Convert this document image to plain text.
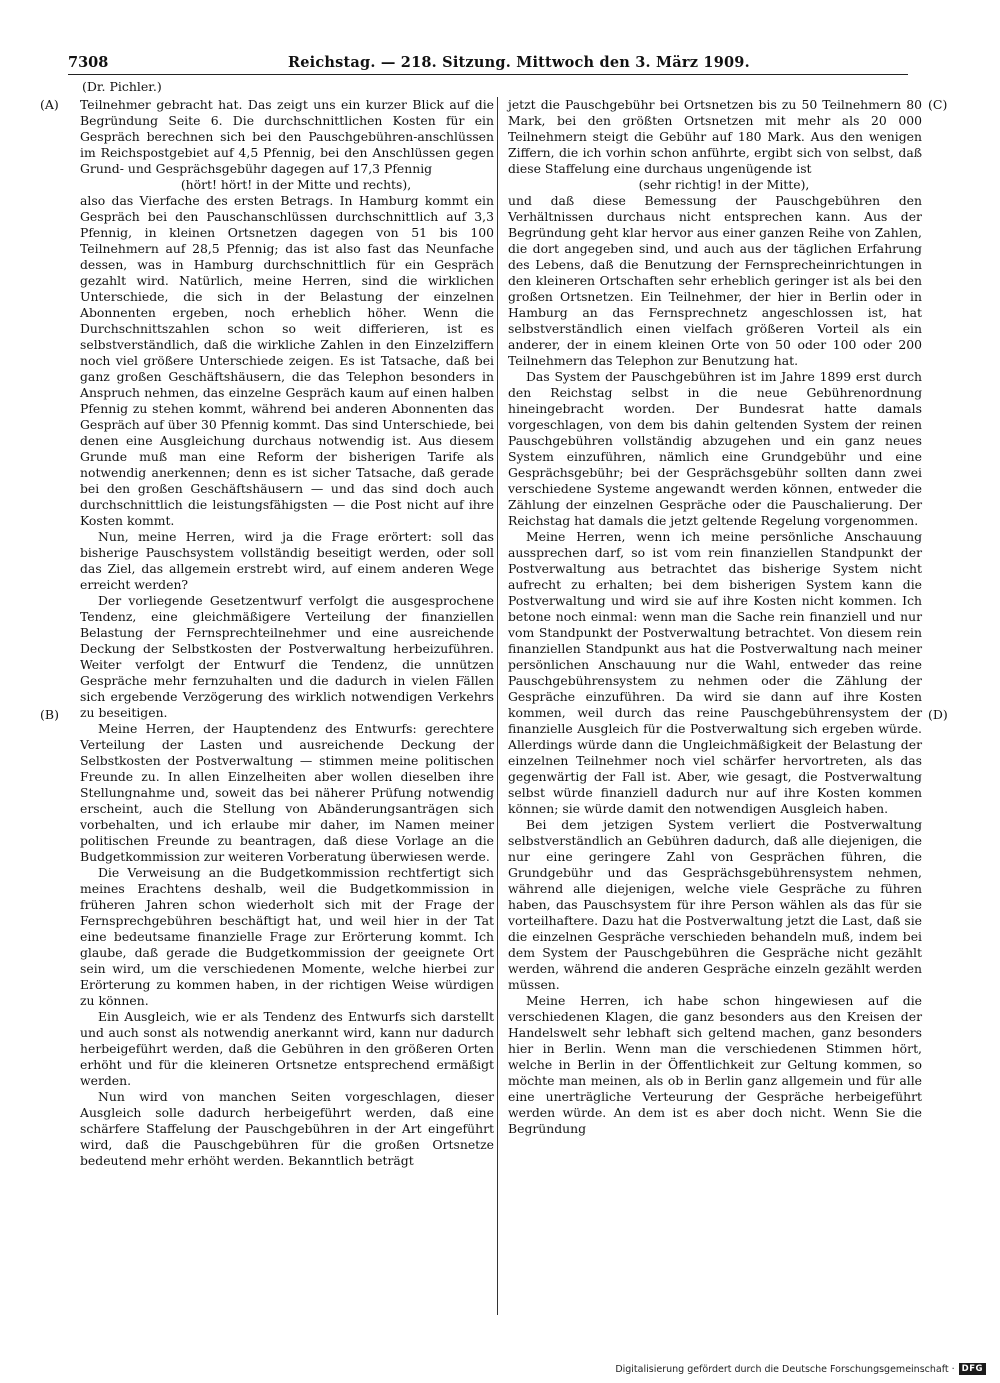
7308	Reichstag. — 218. Sitzung. Mittwoch den 3. März 1909.
(Dr. Pichler.)
(A)
(B)
(C)
(D)

Teilnehmer gebracht hat. Das zeigt uns ein kurzer Blick auf die Begründung Seite 6. Die durchschnittlichen Kosten für ein Gespräch berechnen sich bei den Pauschgebühren-anschlüssen im Reichspostgebiet auf 4,5 Pfennig, bei den Anschlüssen gegen Grund- und Gesprächsgebühr dagegen auf 17,3 Pfennig

(hört! hört! in der Mitte und rechts),

also das Vierfache des ersten Betrags. In Hamburg kommt ein Gespräch bei den Pauschanschlüssen durchschnittlich auf 3,3 Pfennig, in kleinen Ortsnetzen dagegen von 51 bis 100 Teilnehmern auf 28,5 Pfennig; das ist also fast das Neunfache dessen, was in Hamburg durchschnittlich für ein Gespräch gezahlt wird. Natürlich, meine Herren, sind die wirklichen Unterschiede, die sich in der Belastung der einzelnen Abonnenten ergeben, noch erheblich höher. Wenn die Durchschnittszahlen schon so weit differieren, ist es selbstverständlich, daß die wirkliche Zahlen in den Einzelziffern noch viel größere Unterschiede zeigen. Es ist Tatsache, daß bei ganz großen Geschäftshäusern, die das Telephon besonders in Anspruch nehmen, das einzelne Gespräch kaum auf einen halben Pfennig zu stehen kommt, während bei anderen Abonnenten das Gespräch auf über 30 Pfennig kommt. Das sind Unterschiede, bei denen eine Ausgleichung durchaus notwendig ist. Aus diesem Grunde muß man eine Reform der bisherigen Tarife als notwendig anerkennen; denn es ist sicher Tatsache, daß gerade bei den großen Geschäftshäusern — und das sind doch auch durchschnittlich die leistungsfähigsten — die Post nicht auf ihre Kosten kommt.

Nun, meine Herren, wird ja die Frage erörtert: soll das bisherige Pauschsystem vollständig beseitigt werden, oder soll das Ziel, das allgemein erstrebt wird, auf einem anderen Wege erreicht werden?

Der vorliegende Gesetzentwurf verfolgt die ausgesprochene Tendenz, eine gleichmäßigere Verteilung der finanziellen Belastung der Fernsprechteilnehmer und eine ausreichende Deckung der Selbstkosten der Postverwaltung herbeizuführen. Weiter verfolgt der Entwurf die Tendenz, die unnützen Gespräche mehr fernzuhalten und die dadurch in vielen Fällen sich ergebende Verzögerung des wirklich notwendigen Verkehrs zu beseitigen.

Meine Herren, der Hauptendenz des Entwurfs: gerechtere Verteilung der Lasten und ausreichende Deckung der Selbstkosten der Postverwaltung — stimmen meine politischen Freunde zu. In allen Einzelheiten aber wollen dieselben ihre Stellungnahme und, soweit das bei näherer Prüfung notwendig erscheint, auch die Stellung von Abänderungsanträgen sich vorbehalten, und ich erlaube mir daher, im Namen meiner politischen Freunde zu beantragen, daß diese Vorlage an die Budgetkommission zur weiteren Vorberatung überwiesen werde.

Die Verweisung an die Budgetkommission rechtfertigt sich meines Erachtens deshalb, weil die Budgetkommission in früheren Jahren schon wiederholt sich mit der Frage der Fernsprechgebühren beschäftigt hat, und weil hier in der Tat eine bedeutsame finanzielle Frage zur Erörterung kommt. Ich glaube, daß gerade die Budgetkommission der geeignete Ort sein wird, um die verschiedenen Momente, welche hierbei zur Erörterung zu kommen haben, in der richtigen Weise würdigen zu können.

Ein Ausgleich, wie er als Tendenz des Entwurfs sich darstellt und auch sonst als notwendig anerkannt wird, kann nur dadurch herbeigeführt werden, daß die Gebühren in den größeren Orten erhöht und für die kleineren Ortsnetze entsprechend ermäßigt werden.

Nun wird von manchen Seiten vorgeschlagen, dieser Ausgleich solle dadurch herbeigeführt werden, daß eine schärfere Staffelung der Pauschgebühren in der Art eingeführt wird, daß die Pauschgebühren für die großen Ortsnetze bedeutend mehr erhöht werden. Bekanntlich beträgt

jetzt die Pauschgebühr bei Ortsnetzen bis zu 50 Teilnehmern 80 Mark, bei den größten Ortsnetzen mit mehr als 20 000 Teilnehmern steigt die Gebühr auf 180 Mark. Aus den wenigen Ziffern, die ich vorhin schon anführte, ergibt sich von selbst, daß diese Staffelung eine durchaus ungenügende ist

(sehr richtig! in der Mitte),

und daß diese Bemessung der Pauschgebühren den Verhältnissen durchaus nicht entsprechen kann. Aus der Begründung geht klar hervor aus einer ganzen Reihe von Zahlen, die dort angegeben sind, und auch aus der täglichen Erfahrung des Lebens, daß die Benutzung der Fernsprecheinrichtungen in den kleineren Ortschaften sehr erheblich geringer ist als bei den großen Ortsnetzen. Ein Teilnehmer, der hier in Berlin oder in Hamburg an das Fernsprechnetz angeschlossen ist, hat selbstverständlich einen vielfach größeren Vorteil als ein anderer, der in einem kleinen Orte von 50 oder 100 oder 200 Teilnehmern das Telephon zur Benutzung hat.

Das System der Pauschgebühren ist im Jahre 1899 erst durch den Reichstag selbst in die neue Gebührenordnung hineingebracht worden. Der Bundesrat hatte damals vorgeschlagen, von dem bis dahin geltenden System der reinen Pauschgebühren vollständig abzugehen und ein ganz neues System einzuführen, nämlich eine Grundgebühr und eine Gesprächsgebühr; bei der Gesprächsgebühr sollten dann zwei verschiedene Systeme angewandt werden können, entweder die Zählung der einzelnen Gespräche oder die Pauschalierung. Der Reichstag hat damals die jetzt geltende Regelung vorgenommen.

Meine Herren, wenn ich meine persönliche Anschauung aussprechen darf, so ist vom rein finanziellen Standpunkt der Postverwaltung aus betrachtet das bisherige System nicht aufrecht zu erhalten; bei dem bisherigen System kann die Postverwaltung und wird sie auf ihre Kosten nicht kommen. Ich betone noch einmal: wenn man die Sache rein finanziell und nur vom Standpunkt der Postverwaltung betrachtet. Von diesem rein finanziellen Standpunkt aus hat die Postverwaltung nach meiner persönlichen Anschauung nur die Wahl, entweder das reine Pauschgebührensystem zu nehmen oder die Zählung der Gespräche einzuführen. Da wird sie dann auf ihre Kosten kommen, weil durch das reine Pauschgebührensystem der finanzielle Ausgleich für die Postverwaltung sich ergeben würde. Allerdings würde dann die Ungleichmäßigkeit der Belastung der einzelnen Teilnehmer noch viel schärfer hervortreten, als das gegenwärtig der Fall ist. Aber, wie gesagt, die Postverwaltung selbst würde finanziell dadurch nur auf ihre Kosten kommen können; sie würde damit den notwendigen Ausgleich haben.

Bei dem jetzigen System verliert die Postverwaltung selbstverständlich an Gebühren dadurch, daß alle diejenigen, die nur eine geringere Zahl von Gesprächen führen, die Grundgebühr und das Gesprächsgebührensystem nehmen, während alle diejenigen, welche viele Gespräche zu führen haben, das Pauschsystem für ihre Person wählen als das für sie vorteilhaftere. Dazu hat die Postverwaltung jetzt die Last, daß sie die einzelnen Gespräche verschieden behandeln muß, indem bei dem System der Pauschgebühren die Gespräche nicht gezählt werden, während die anderen Gespräche einzeln gezählt werden müssen.

Meine Herren, ich habe schon hingewiesen auf die verschiedenen Klagen, die ganz besonders aus den Kreisen der Handelswelt sehr lebhaft sich geltend machen, ganz besonders hier in Berlin. Wenn man die verschiedenen Stimmen hört, welche in Berlin in der Öffentlichkeit zur Geltung kommen, so möchte man meinen, als ob in Berlin ganz allgemein und für alle eine unerträgliche Verteurung der Gespräche herbeigeführt werden würde. An dem ist es aber doch nicht. Wenn Sie die Begründung

Digitalisierung gefördert durch die Deutsche Forschungsgemeinschaft · DFG
